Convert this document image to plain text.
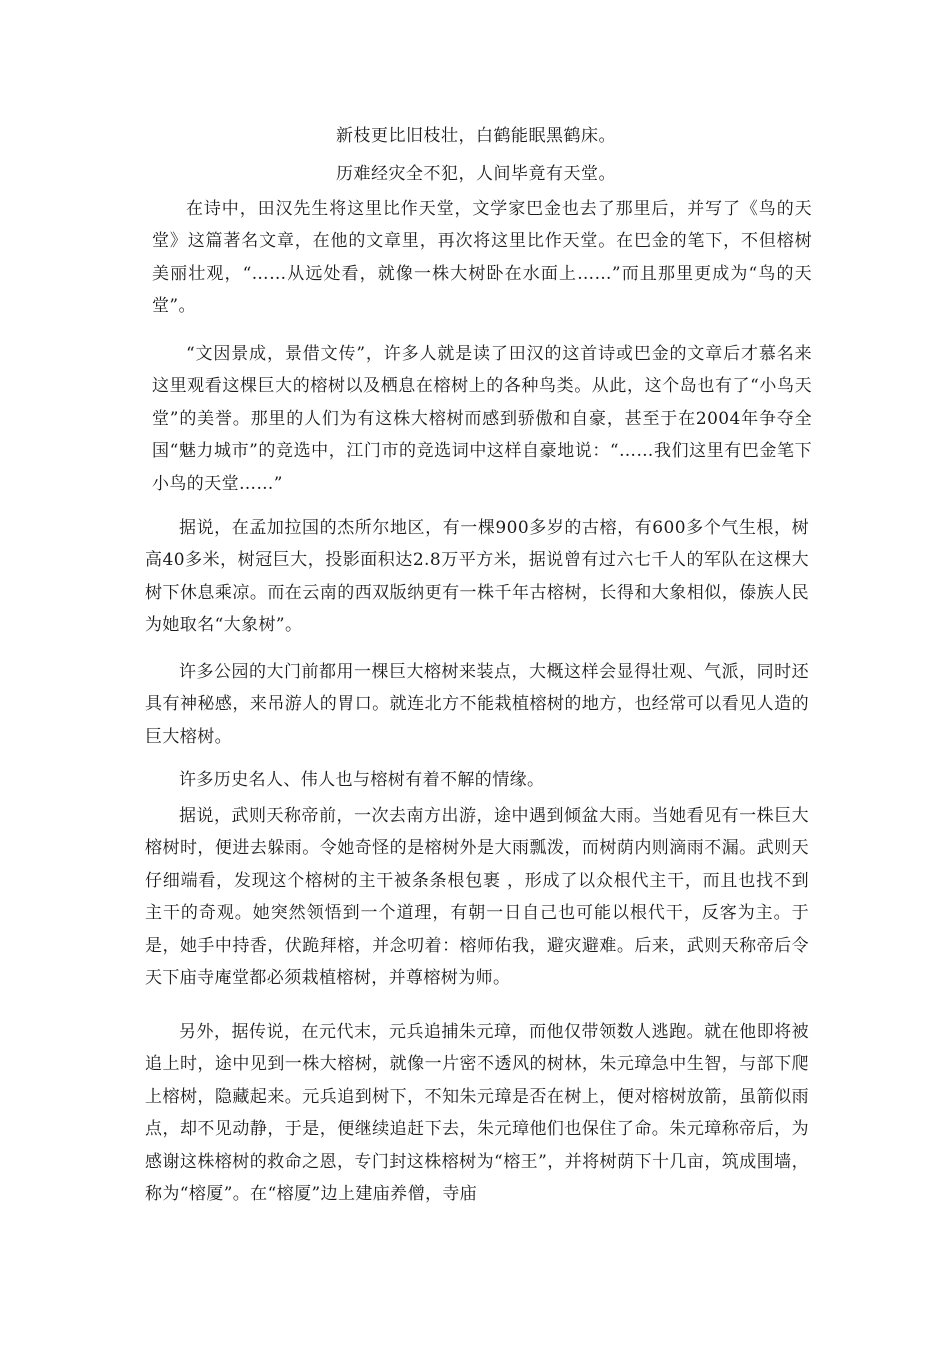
新枝更比旧枝壮，白鹤能眠黑鹤床。
历难经灾全不犯，人间毕竟有天堂。

在诗中，田汉先生将这里比作天堂，文学家巴金也去了那里后，并写了《鸟的天堂》这篇著名文章，在他的文章里，再次将这里比作天堂。在巴金的笔下，不但榕树美丽壮观，“……从远处看，就像一株大树卧在水面上……”而且那里更成为“鸟的天堂”。

“文因景成，景借文传”，许多人就是读了田汉的这首诗或巴金的文章后才慕名来这里观看这棵巨大的榕树以及栖息在榕树上的各种鸟类。从此，这个岛也有了“小鸟天堂”的美誉。那里的人们为有这株大榕树而感到骄傲和自豪，甚至于在2004年争夺全国“魅力城市”的竞选中，江门市的竞选词中这样自豪地说：“……我们这里有巴金笔下小鸟的天堂……”

据说，在孟加拉国的杰所尔地区，有一棵900多岁的古榕，有600多个气生根，树高40多米，树冠巨大，投影面积达2.8万平方米，据说曾有过六七千人的军队在这棵大树下休息乘凉。而在云南的西双版纳更有一株千年古榕树，长得和大象相似，傣族人民为她取名“大象树”。

许多公园的大门前都用一棵巨大榕树来装点，大概这样会显得壮观、气派，同时还具有神秘感，来吊游人的胃口。就连北方不能栽植榕树的地方，也经常可以看见人造的巨大榕树。

许多历史名人、伟人也与榕树有着不解的情缘。

据说，武则天称帝前，一次去南方出游，途中遇到倾盆大雨。当她看见有一株巨大榕树时，便进去躲雨。令她奇怪的是榕树外是大雨瓢泼，而树荫内则滴雨不漏。武则天仔细端看，发现这个榕树的主干被条条根包裹 ，形成了以众根代主干，而且也找不到主干的奇观。她突然领悟到一个道理，有朝一日自己也可能以根代干，反客为主。于是，她手中持香，伏跪拜榕，并念叨着：榕师佑我，避灾避难。后来，武则天称帝后令天下庙寺庵堂都必须栽植榕树，并尊榕树为师。

另外，据传说，在元代末，元兵追捕朱元璋，而他仅带领数人逃跑。就在他即将被追上时，途中见到一株大榕树，就像一片密不透风的树林，朱元璋急中生智，与部下爬上榕树，隐藏起来。元兵追到树下，不知朱元璋是否在树上，便对榕树放箭，虽箭似雨点，却不见动静，于是，便继续追赶下去，朱元璋他们也保住了命。朱元璋称帝后，为感谢这株榕树的救命之恩，专门封这株榕树为“榕王”，并将树荫下十几亩，筑成围墙，称为“榕厦”。在“榕厦”边上建庙养僧，寺庙
